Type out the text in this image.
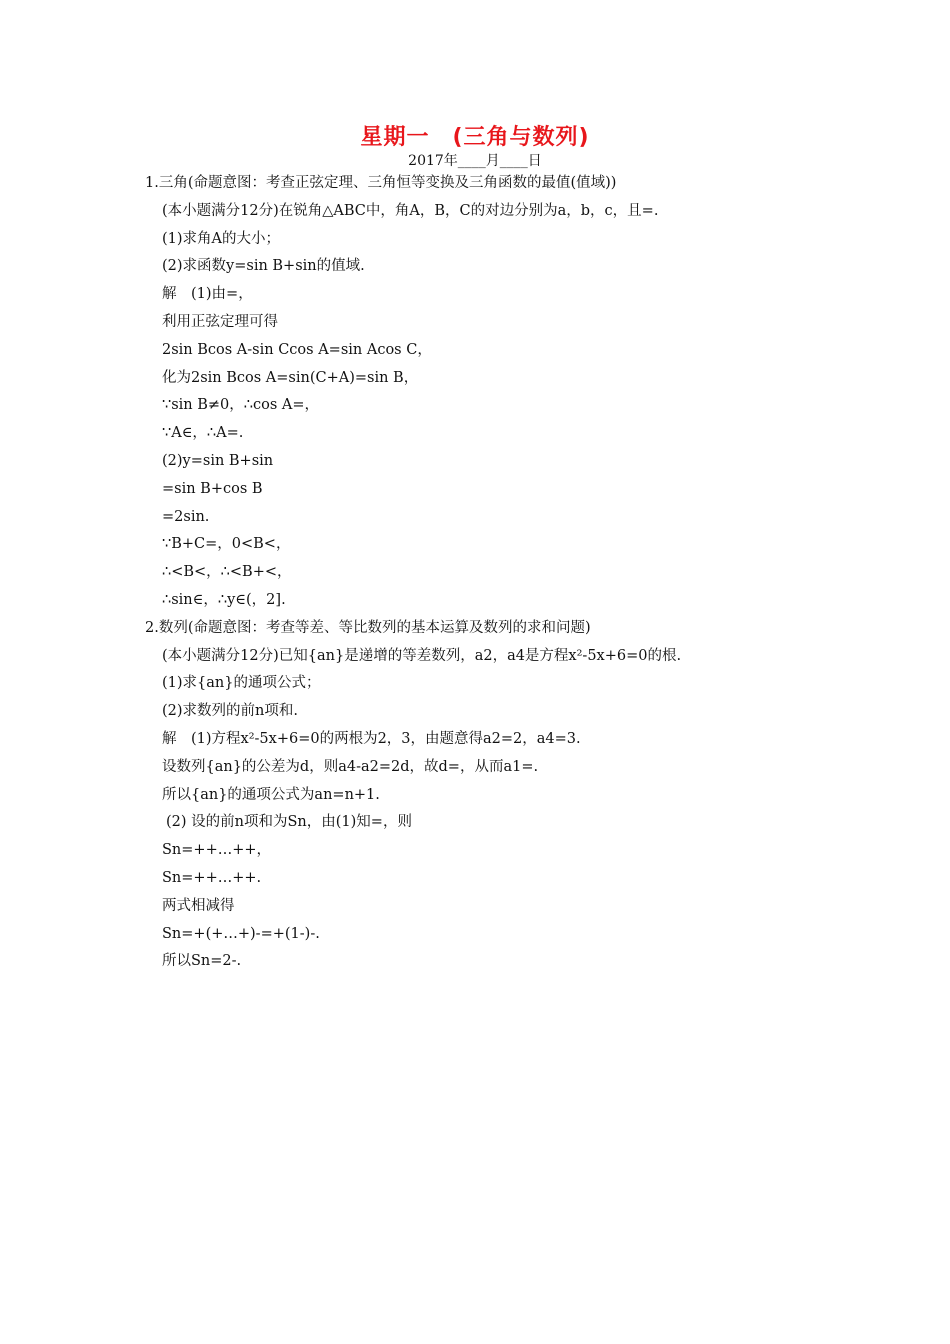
星期一　(三角与数列)
2017年____月____日
1.三角(命题意图：考查正弦定理、三角恒等变换及三角函数的最值(值域))
(本小题满分12分)在锐角△ABC中，角A，B，C的对边分别为a，b，c，且=.
(1)求角A的大小；
(2)求函数y=sin B+sin的值域.
解　(1)由=，
利用正弦定理可得
2sin Bcos A-sin Ccos A=sin Acos C，
化为2sin Bcos A=sin(C+A)=sin B，
∵sin B≠0，∴cos A=，
∵A∈，∴A=.
(2)y=sin B+sin
=sin B+cos B
=2sin.
∵B+C=，0<B<，
∴<B<，∴<B+<，
∴sin∈，∴y∈(，2].
2.数列(命题意图：考查等差、等比数列的基本运算及数列的求和问题)
(本小题满分12分)已知{an}是递增的等差数列，a2，a4是方程x²-5x+6=0的根.
(1)求{an}的通项公式；
(2)求数列的前n项和.
解　(1)方程x²-5x+6=0的两根为2，3，由题意得a2=2，a4=3.
设数列{an}的公差为d，则a4-a2=2d，故d=，从而a1=.
所以{an}的通项公式为an=n+1.
(2) 设的前n项和为Sn，由(1)知=，则
Sn=++…++，
Sn=++…++.
两式相减得
Sn=+(+…+)-=+(1-)-.
所以Sn=2-.
